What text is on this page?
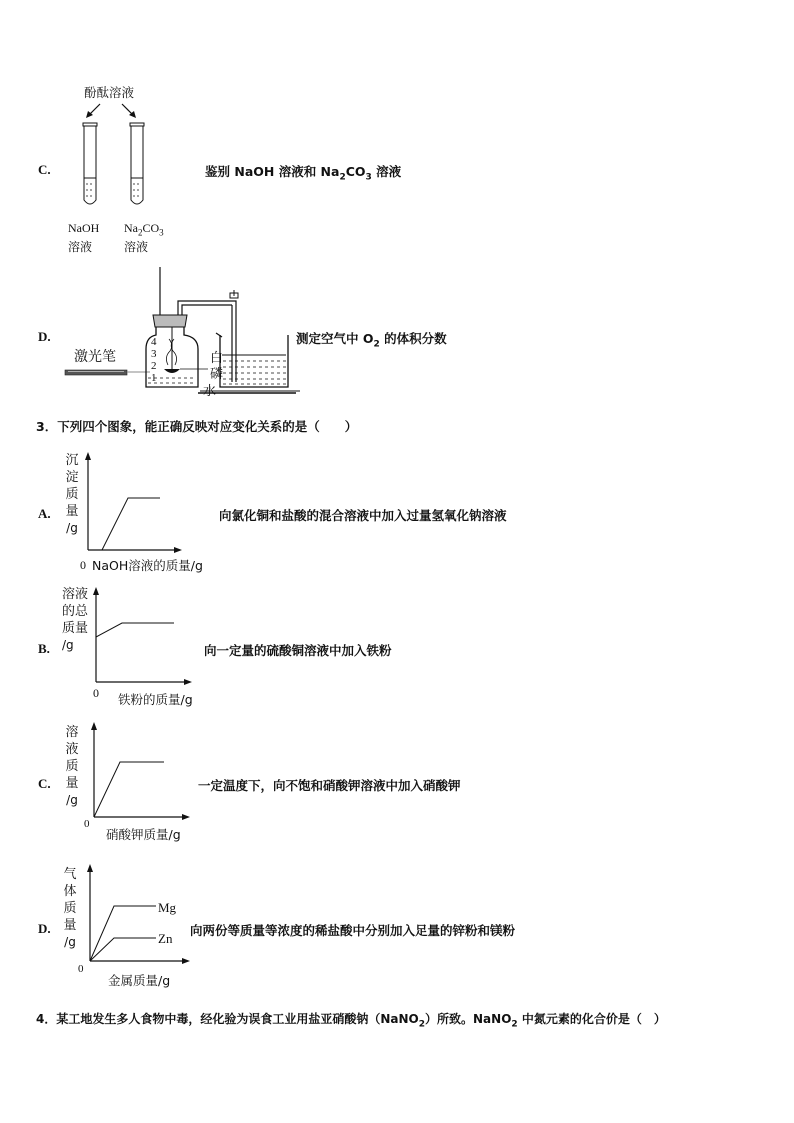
C.
酚酞溶液
NaOH
溶液
$Na_2CO_3$
溶液
鉴别 NaOH 溶液和 $Na_2CO_3$ 溶液
D.
激光笔
4
3
2
1
白
磷
水
测定空气中 $O_2$ 的体积分数
3．下列四个图象，能正确反映对应变化关系的是（　　）
A.
沉
淀
质
量
/g
0 NaOH溶液的质量/g
向氯化铜和盐酸的混合溶液中加入过量氢氧化钠溶液
B.
溶液
的总
质量
/g
0 铁粉的质量/g
向一定量的硫酸铜溶液中加入铁粉
C.
溶
液
质
量
/g
0
硝酸钾质量/g
一定温度下，向不饱和硝酸钾溶液中加入硝酸钾
D.
气
体
质
量
/g
Mg
Zn
0
金属质量/g
向两份等质量等浓度的稀盐酸中分别加入足量的锌粉和镁粉
4．某工地发生多人食物中毒，经化验为误食工业用盐亚硝酸钠（NaNO$_2$）所致。NaNO$_2$ 中氮元素的化合价是（　）
